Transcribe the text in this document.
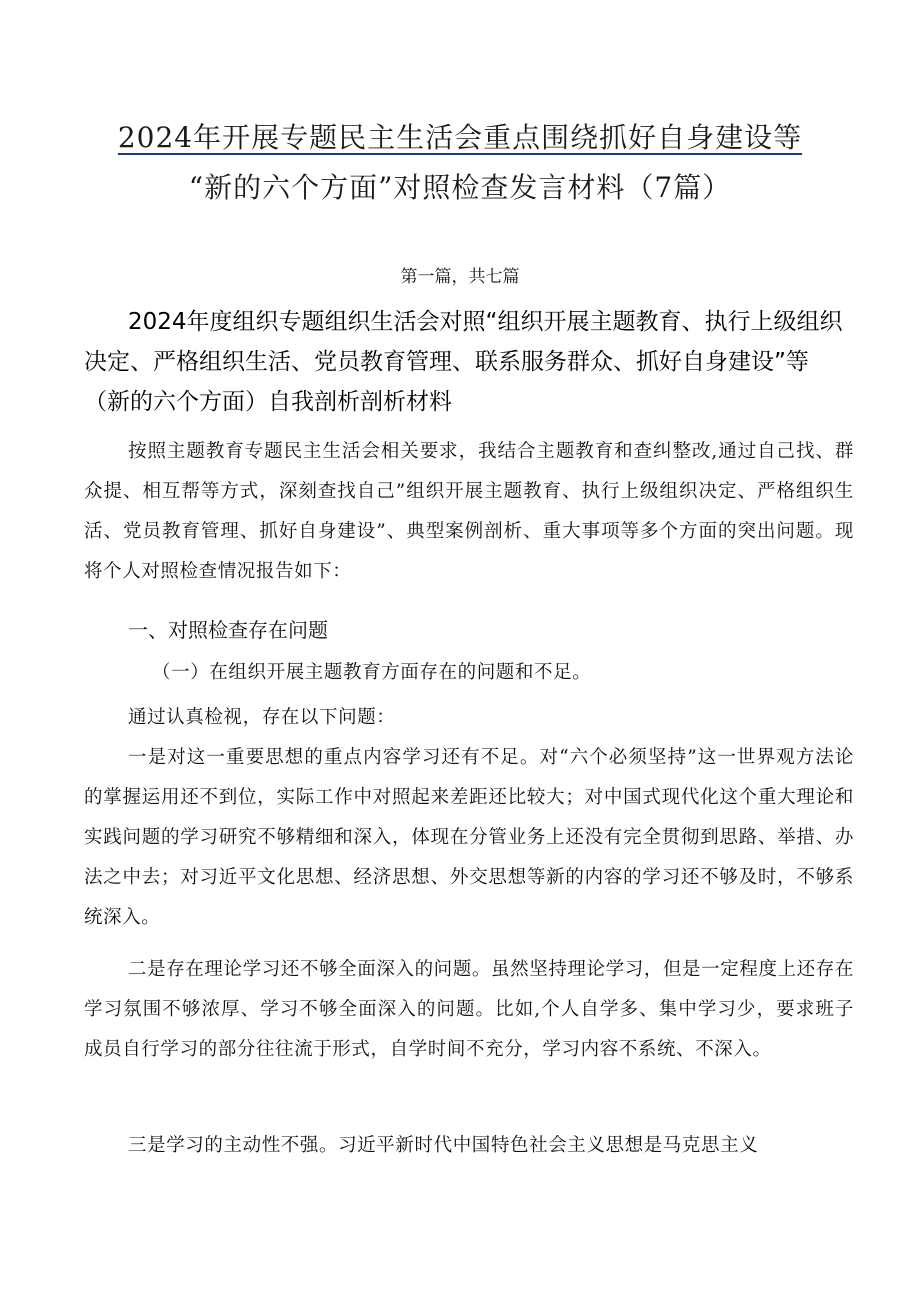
2024年开展专题民主生活会重点围绕抓好自身建设等
“新的六个方面”对照检查发言材料（7篇）
第一篇，共七篇
2024年度组织专题组织生活会对照“组织开展主题教育、执行上级组织决定、严格组织生活、党员教育管理、联系服务群众、抓好自身建设”等（新的六个方面）自我剖析剖析材料
按照主题教育专题民主生活会相关要求，我结合主题教育和查纠整改,通过自己找、群众提、相互帮等方式，深刻查找自己”组织开展主题教育、执行上级组织决定、严格组织生活、党员教育管理、抓好自身建设”、典型案例剖析、重大事项等多个方面的突出问题。现将个人对照检查情况报告如下：
一、对照检查存在问题
（一）在组织开展主题教育方面存在的问题和不足。
通过认真检视，存在以下问题：
一是对这一重要思想的重点内容学习还有不足。对“六个必须坚持”这一世界观方法论的掌握运用还不到位，实际工作中对照起来差距还比较大；对中国式现代化这个重大理论和实践问题的学习研究不够精细和深入，体现在分管业务上还没有完全贯彻到思路、举措、办法之中去；对习近平文化思想、经济思想、外交思想等新的内容的学习还不够及时，不够系统深入。
二是存在理论学习还不够全面深入的问题。虽然坚持理论学习，但是一定程度上还存在学习氛围不够浓厚、学习不够全面深入的问题。比如,个人自学多、集中学习少，要求班子成员自行学习的部分往往流于形式，自学时间不充分，学习内容不系统、不深入。
三是学习的主动性不强。习近平新时代中国特色社会主义思想是马克思主义
